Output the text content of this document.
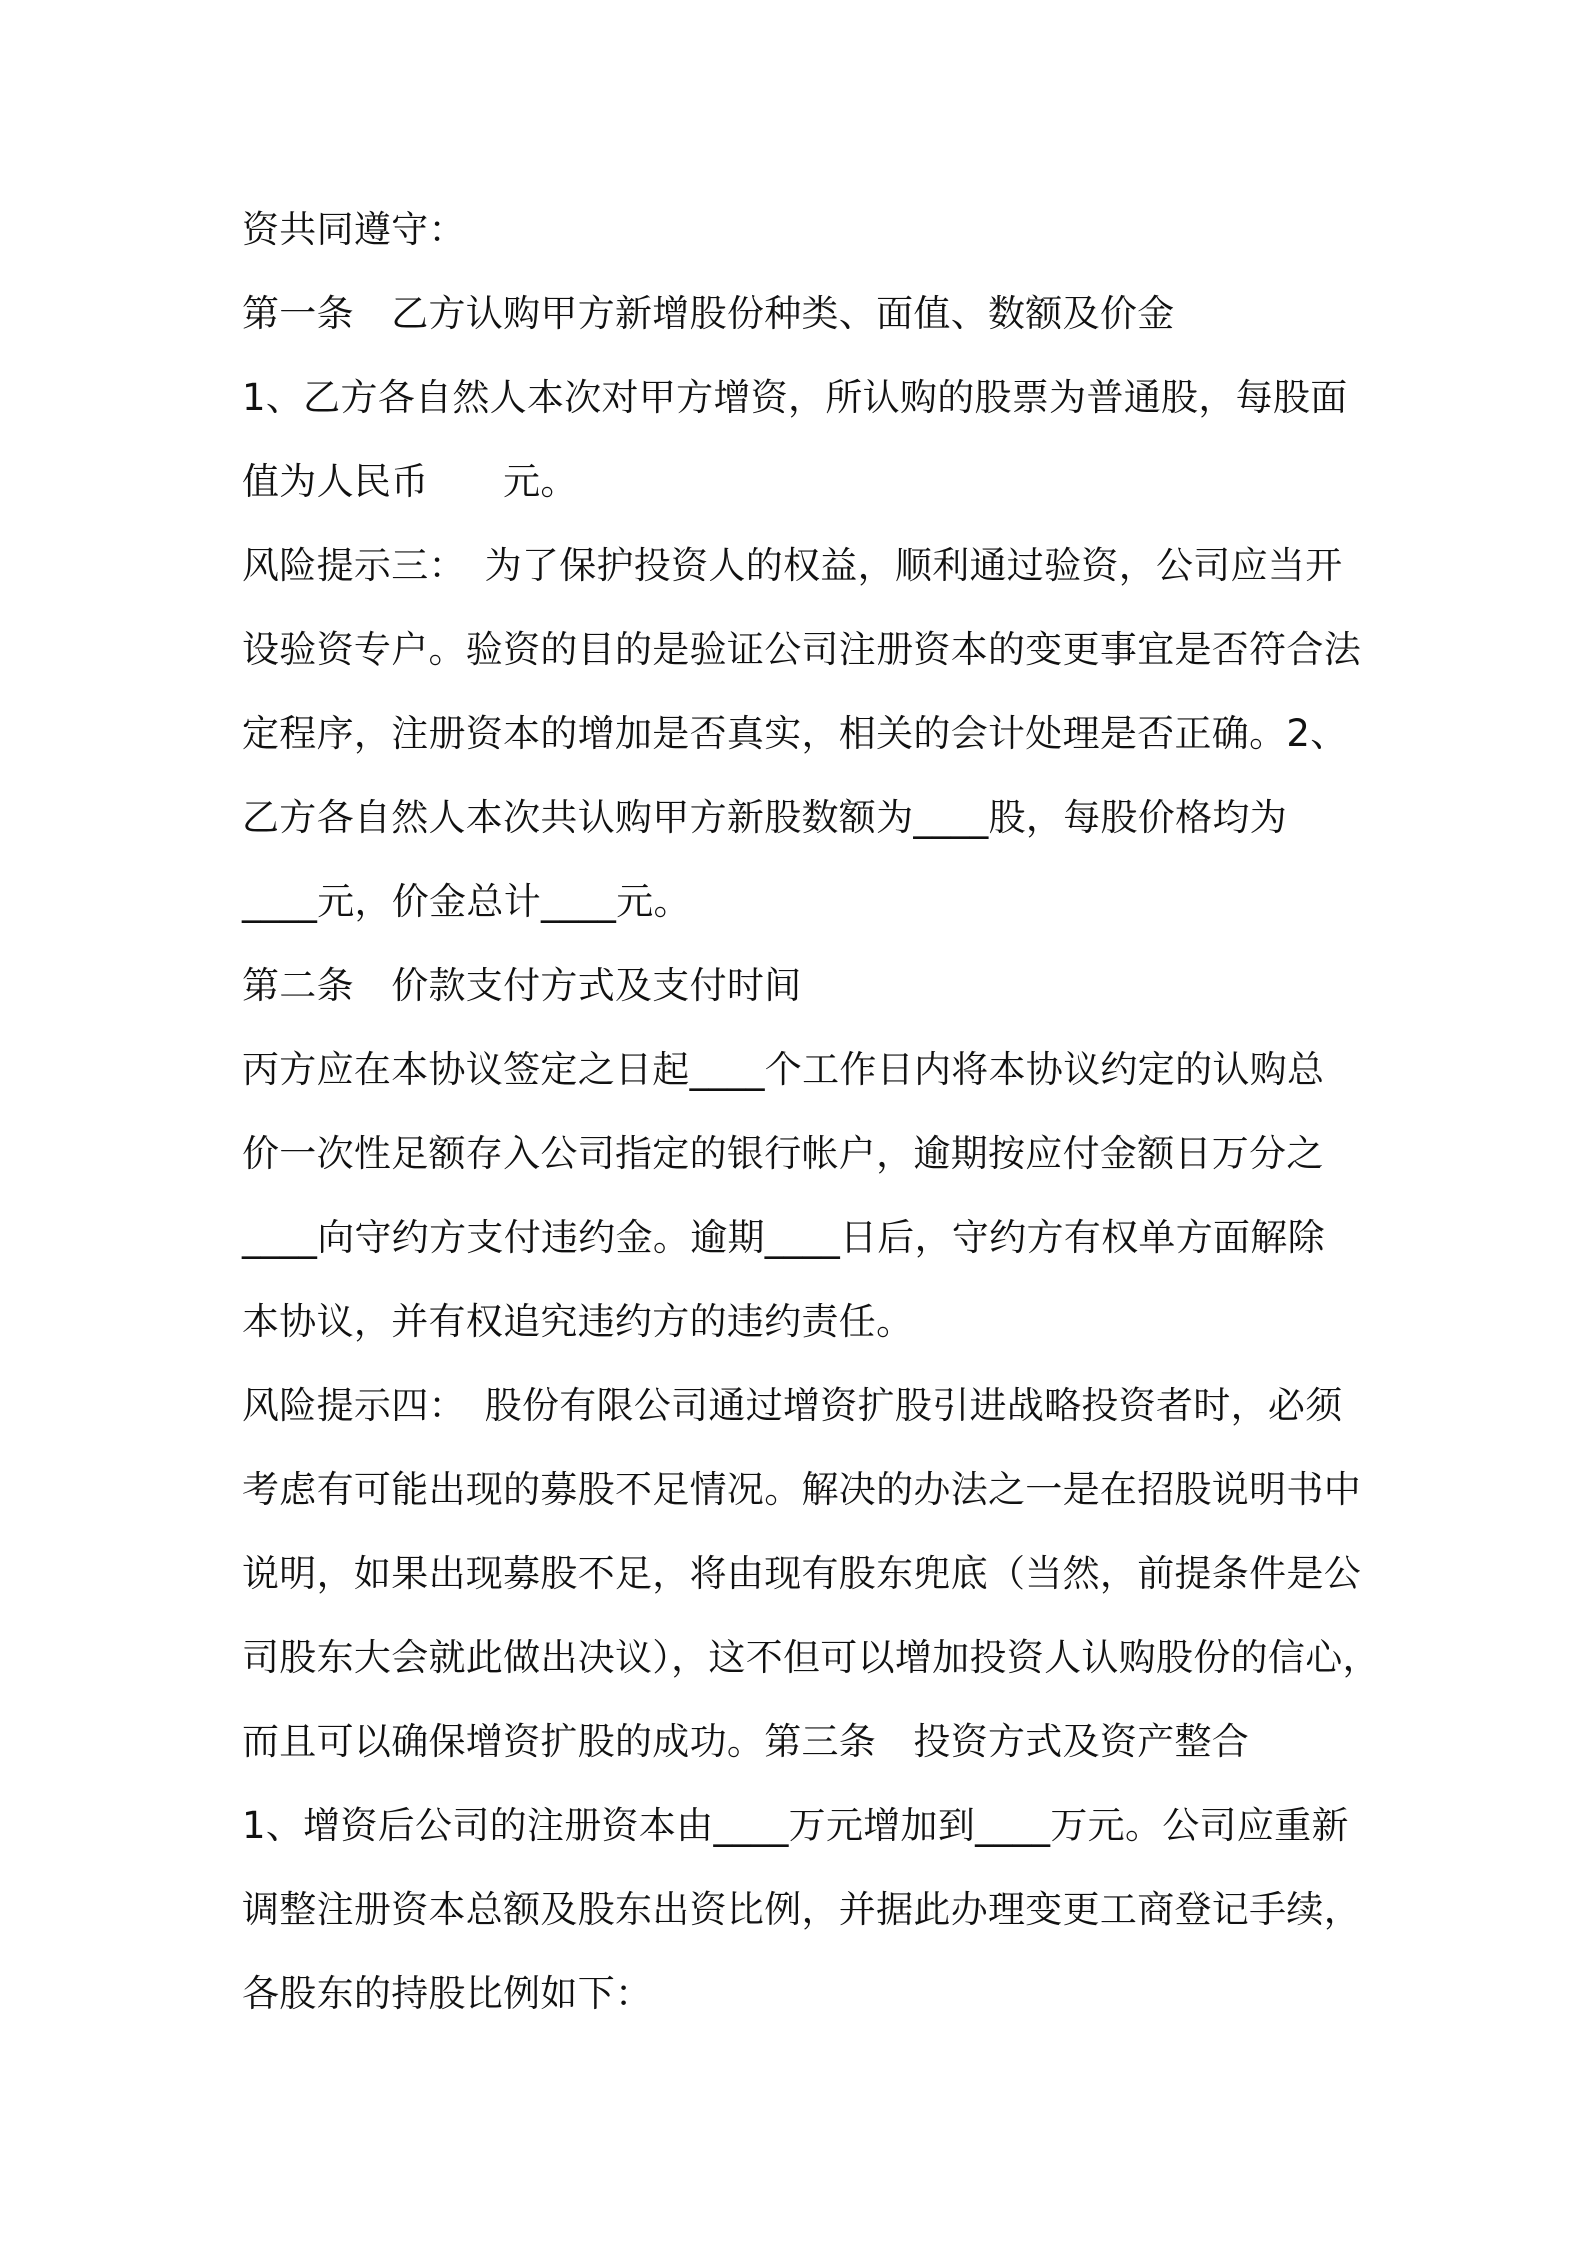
资共同遵守：
第一条　乙方认购甲方新增股份种类、面值、数额及价金
1、乙方各自然人本次对甲方增资，所认购的股票为普通股，每股面
值为人民币　　元。
风险提示三：　为了保护投资人的权益，顺利通过验资，公司应当开
设验资专户。验资的目的是验证公司注册资本的变更事宜是否符合法
定程序，注册资本的增加是否真实，相关的会计处理是否正确。2、
乙方各自然人本次共认购甲方新股数额为____股，每股价格均为
____元，价金总计____元。
第二条　价款支付方式及支付时间
丙方应在本协议签定之日起____个工作日内将本协议约定的认购总
价一次性足额存入公司指定的银行帐户，逾期按应付金额日万分之
____向守约方支付违约金。逾期____日后，守约方有权单方面解除
本协议，并有权追究违约方的违约责任。
风险提示四：　股份有限公司通过增资扩股引进战略投资者时，必须
考虑有可能出现的募股不足情况。解决的办法之一是在招股说明书中
说明，如果出现募股不足，将由现有股东兜底（当然，前提条件是公
司股东大会就此做出决议），这不但可以增加投资人认购股份的信心，
而且可以确保增资扩股的成功。第三条　投资方式及资产整合
1、增资后公司的注册资本由____万元增加到____万元。公司应重新
调整注册资本总额及股东出资比例，并据此办理变更工商登记手续，
各股东的持股比例如下：
